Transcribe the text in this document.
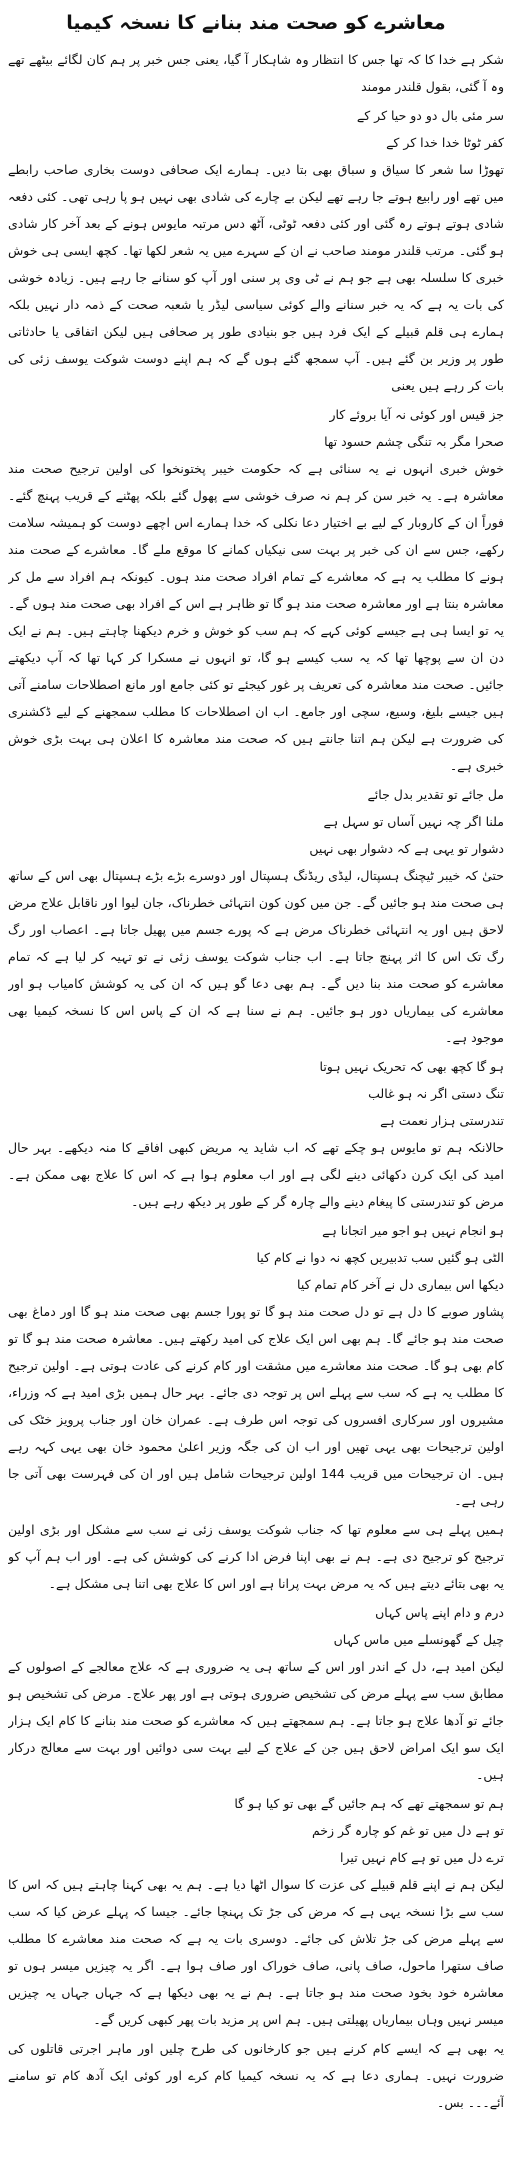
معاشرے کو صحت مند بنانے کا نسخہ کیمیا

شکر ہے خدا کا کہ تھا جس کا انتظار وہ شاہکار آ گیا، یعنی جس خبر پر ہم کان لگائے بیٹھے تھے وہ آ گئی، بقول قلندر مومند

سر مئی بال دو دو حیا کر کے

کفر ٹوٹا خدا خدا کر کے

تھوڑا سا شعر کا سیاق و سباق بھی بتا دیں۔ ہمارے ایک صحافی دوست بخاری صاحب رابطے میں تھے اور رابیع ہوتے جا رہے تھے لیکن بے چارے کی شادی بھی نہیں ہو پا رہی تھی۔ کئی دفعہ شادی ہوتے ہوتے رہ گئی اور کئی دفعہ ٹوٹی، آٹھ دس مرتبہ مایوس ہونے کے بعد آخر کار شادی ہو گئی۔ مرتب قلندر مومند صاحب نے ان کے سہرے میں یہ شعر لکھا تھا۔ کچھ ایسی ہی خوش خبری کا سلسلہ بھی ہے جو ہم نے ٹی وی پر سنی اور آپ کو سنانے جا رہے ہیں۔ زیادہ خوشی کی بات یہ ہے کہ یہ خبر سنانے والے کوئی سیاسی لیڈر یا شعبہ صحت کے ذمہ دار نہیں بلکہ ہمارے ہی قلم قبیلے کے ایک فرد ہیں جو بنیادی طور پر صحافی ہیں لیکن اتفاقی یا حادثاتی طور پر وزیر بن گئے ہیں۔ آپ سمجھ گئے ہوں گے کہ ہم اپنے دوست شوکت یوسف زئی کی بات کر رہے ہیں یعنی

جز قیس اور کوئی نہ آیا بروئے کار

صحرا مگر بہ تنگی چشم حسود تھا

خوش خبری انہوں نے یہ سنائی ہے کہ حکومت خیبر پختونخوا کی اولین ترجیح صحت مند معاشرہ ہے۔ یہ خبر سن کر ہم نہ صرف خوشی سے پھول گئے بلکہ پھٹنے کے قریب پہنچ گئے۔ فوراً ان کے کاروبار کے لیے بے اختیار دعا نکلی کہ خدا ہمارے اس اچھے دوست کو ہمیشہ سلامت رکھے، جس سے ان کی خبر پر بہت سی نیکیاں کمانے کا موقع ملے گا۔ معاشرے کے صحت مند ہونے کا مطلب یہ ہے کہ معاشرے کے تمام افراد صحت مند ہوں۔ کیونکہ ہم افراد سے مل کر معاشرہ بنتا ہے اور معاشرہ صحت مند ہو گا تو ظاہر ہے اس کے افراد بھی صحت مند ہوں گے۔ یہ تو ایسا ہی ہے جیسے کوئی کہے کہ ہم سب کو خوش و خرم دیکھنا چاہتے ہیں۔ ہم نے ایک دن ان سے پوچھا تھا کہ یہ سب کیسے ہو گا، تو انہوں نے مسکرا کر کہا تھا کہ آپ دیکھتے جائیں۔ صحت مند معاشرہ کی تعریف پر غور کیجئے تو کئی جامع اور مانع اصطلاحات سامنے آتی ہیں جیسے بلیغ، وسیع، سچی اور جامع۔ اب ان اصطلاحات کا مطلب سمجھنے کے لیے ڈکشنری کی ضرورت ہے لیکن ہم اتنا جانتے ہیں کہ صحت مند معاشرہ کا اعلان ہی بہت بڑی خوش خبری ہے۔

مل جائے تو تقدیر بدل جائے

ملنا اگر چہ نہیں آساں تو سہل ہے

دشوار تو یہی ہے کہ دشوار بھی نہیں

حتیٰ کہ خیبر ٹیچنگ ہسپتال، لیڈی ریڈنگ ہسپتال اور دوسرے بڑے بڑے ہسپتال بھی اس کے ساتھ ہی صحت مند ہو جائیں گے۔ جن میں کون کون انتہائی خطرناک، جان لیوا اور ناقابل علاج مرض لاحق ہیں اور یہ انتہائی خطرناک مرض ہے کہ پورے جسم میں پھیل جاتا ہے۔ اعصاب اور رگ رگ تک اس کا اثر پہنچ جاتا ہے۔ اب جناب شوکت یوسف زئی نے تو تہیہ کر لیا ہے کہ تمام معاشرے کو صحت مند بنا دیں گے۔ ہم بھی دعا گو ہیں کہ ان کی یہ کوشش کامیاب ہو اور معاشرے کی بیماریاں دور ہو جائیں۔ ہم نے سنا ہے کہ ان کے پاس اس کا نسخہ کیمیا بھی موجود ہے۔

ہو گا کچھ بھی کہ تحریک نہیں ہوتا

تنگ دستی اگر نہ ہو غالب

تندرستی ہزار نعمت ہے

حالانکہ ہم تو مایوس ہو چکے تھے کہ اب شاید یہ مریض کبھی افاقے کا منہ دیکھے۔ بہر حال امید کی ایک کرن دکھائی دینے لگی ہے اور اب معلوم ہوا ہے کہ اس کا علاج بھی ممکن ہے۔ مرض کو تندرستی کا پیغام دینے والے چارہ گر کے طور پر دیکھ رہے ہیں۔

ہو انجام نہیں ہو اجو میر اتجانا ہے

الٹی ہو گئیں سب تدبیریں کچھ نہ دوا نے کام کیا

دیکھا اس بیماری دل نے آخر کام تمام کیا

پشاور صوبے کا دل ہے تو دل صحت مند ہو گا تو پورا جسم بھی صحت مند ہو گا اور دماغ بھی صحت مند ہو جائے گا۔ ہم بھی اس ایک علاج کی امید رکھتے ہیں۔ معاشرہ صحت مند ہو گا تو کام بھی ہو گا۔ صحت مند معاشرے میں مشقت اور کام کرنے کی عادت ہوتی ہے۔ اولین ترجیح کا مطلب یہ ہے کہ سب سے پہلے اس پر توجہ دی جائے۔ بہر حال ہمیں بڑی امید ہے کہ وزراء، مشیروں اور سرکاری افسروں کی توجہ اس طرف ہے۔ عمران خان اور جناب پرویز خٹک کی اولین ترجیحات بھی یہی تھیں اور اب ان کی جگہ وزیر اعلیٰ محمود خان بھی یہی کہہ رہے ہیں۔ ان ترجیحات میں قریب 144 اولین ترجیحات شامل ہیں اور ان کی فہرست بھی آتی جا رہی ہے۔

ہمیں پہلے ہی سے معلوم تھا کہ جناب شوکت یوسف زئی نے سب سے مشکل اور بڑی اولین ترجیح کو ترجیح دی ہے۔ ہم نے بھی اپنا فرض ادا کرنے کی کوشش کی ہے۔ اور اب ہم آپ کو یہ بھی بتائے دیتے ہیں کہ یہ مرض بہت پرانا ہے اور اس کا علاج بھی اتنا ہی مشکل ہے۔

درم و دام اپنے پاس کہاں

چیل کے گھونسلے میں ماس کہاں

لیکن امید ہے، دل کے اندر اور اس کے ساتھ ہی یہ ضروری ہے کہ علاج معالجے کے اصولوں کے مطابق سب سے پہلے مرض کی تشخیص ضروری ہوتی ہے اور پھر علاج۔ مرض کی تشخیص ہو جائے تو آدھا علاج ہو جاتا ہے۔ ہم سمجھتے ہیں کہ معاشرے کو صحت مند بنانے کا کام ایک ہزار ایک سو ایک امراض لاحق ہیں جن کے علاج کے لیے بہت سی دوائیں اور بہت سے معالج درکار ہیں۔

ہم تو سمجھتے تھے کہ ہم جائیں گے بھی تو کیا ہو گا

تو ہے دل میں تو غم کو چارہ گر زخم

ترے دل میں تو ہے کام نہیں تیرا

لیکن ہم نے اپنے قلم قبیلے کی عزت کا سوال اٹھا دیا ہے۔ ہم یہ بھی کہنا چاہتے ہیں کہ اس کا سب سے بڑا نسخہ یہی ہے کہ مرض کی جڑ تک پہنچا جائے۔ جیسا کہ پہلے عرض کیا کہ سب سے پہلے مرض کی جڑ تلاش کی جائے۔ دوسری بات یہ ہے کہ صحت مند معاشرے کا مطلب صاف ستھرا ماحول، صاف پانی، صاف خوراک اور صاف ہوا ہے۔ اگر یہ چیزیں میسر ہوں تو معاشرہ خود بخود صحت مند ہو جاتا ہے۔ ہم نے یہ بھی دیکھا ہے کہ جہاں جہاں یہ چیزیں میسر نہیں وہاں بیماریاں پھیلتی ہیں۔ ہم اس پر مزید بات پھر کبھی کریں گے۔

یہ بھی ہے کہ ایسے کام کرنے ہیں جو کارخانوں کی طرح چلیں اور ماہر اجرتی قاتلوں کی ضرورت نہیں۔ ہماری دعا ہے کہ یہ نسخہ کیمیا کام کرے اور کوئی ایک آدھ کام تو سامنے آئے۔۔۔ بس۔
